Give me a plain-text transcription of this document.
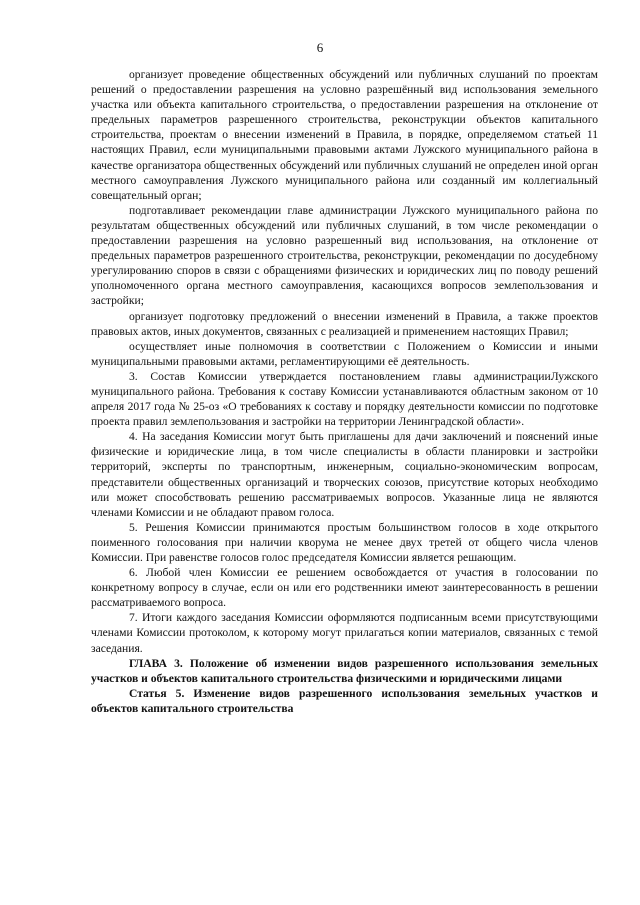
6

организует проведение общественных обсуждений или публичных слушаний по проектам решений о предоставлении разрешения на условно разрешённый вид использования земельного участка или объекта капитального строительства, о предоставлении разрешения на отклонение от предельных параметров разрешенного строительства, реконструкции объектов капитального строительства, проектам о внесении изменений в Правила, в порядке, определяемом статьей 11 настоящих Правил, если муниципальными правовыми актами Лужского муниципального района в качестве организатора общественных обсуждений или публичных слушаний не определен иной орган местного самоуправления Лужского муниципального района или созданный им коллегиальный совещательный орган;

подготавливает рекомендации главе администрации Лужского муниципального района по результатам общественных обсуждений или публичных слушаний, в том числе рекомендации о предоставлении разрешения на условно разрешенный вид использования, на отклонение от предельных параметров разрешенного строительства, реконструкции, рекомендации по досудебному урегулированию споров в связи с обращениями физических и юридических лиц по поводу решений уполномоченного органа местного самоуправления, касающихся вопросов землепользования и застройки;

организует подготовку предложений о внесении изменений в Правила, а также проектов правовых актов, иных документов, связанных с реализацией и применением настоящих Правил;

осуществляет иные полномочия в соответствии с Положением о Комиссии и иными муниципальными правовыми актами, регламентирующими её деятельность.

3. Состав Комиссии утверждается постановлением главы администрацииЛужского муниципального района. Требования к составу Комиссии устанавливаются областным законом от 10 апреля 2017 года № 25-оз «О требованиях к составу и порядку деятельности комиссии по подготовке проекта правил землепользования и застройки на территории Ленинградской области».

4. На заседания Комиссии могут быть приглашены для дачи заключений и пояснений иные физические и юридические лица, в том числе специалисты в области планировки и застройки территорий, эксперты по транспортным, инженерным, социально-экономическим вопросам, представители общественных организаций и творческих союзов, присутствие которых необходимо или может способствовать решению рассматриваемых вопросов. Указанные лица не являются членами Комиссии и не обладают правом голоса.

5. Решения Комиссии принимаются простым большинством голосов в ходе открытого поименного голосования при наличии кворума не менее двух третей от общего числа членов Комиссии. При равенстве голосов голос председателя Комиссии является решающим.

6. Любой член Комиссии ее решением освобождается от участия в голосовании по конкретному вопросу в случае, если он или его родственники имеют заинтересованность в решении рассматриваемого вопроса.

7. Итоги каждого заседания Комиссии оформляются подписанным всеми присутствующими членами Комиссии протоколом, к которому могут прилагаться копии материалов, связанных с темой заседания.

ГЛАВА 3. Положение об изменении видов разрешенного использования земельных участков и объектов капитального строительства физическими и юридическими лицами

Статья 5. Изменение видов разрешенного использования земельных участков и объектов капитального строительства
